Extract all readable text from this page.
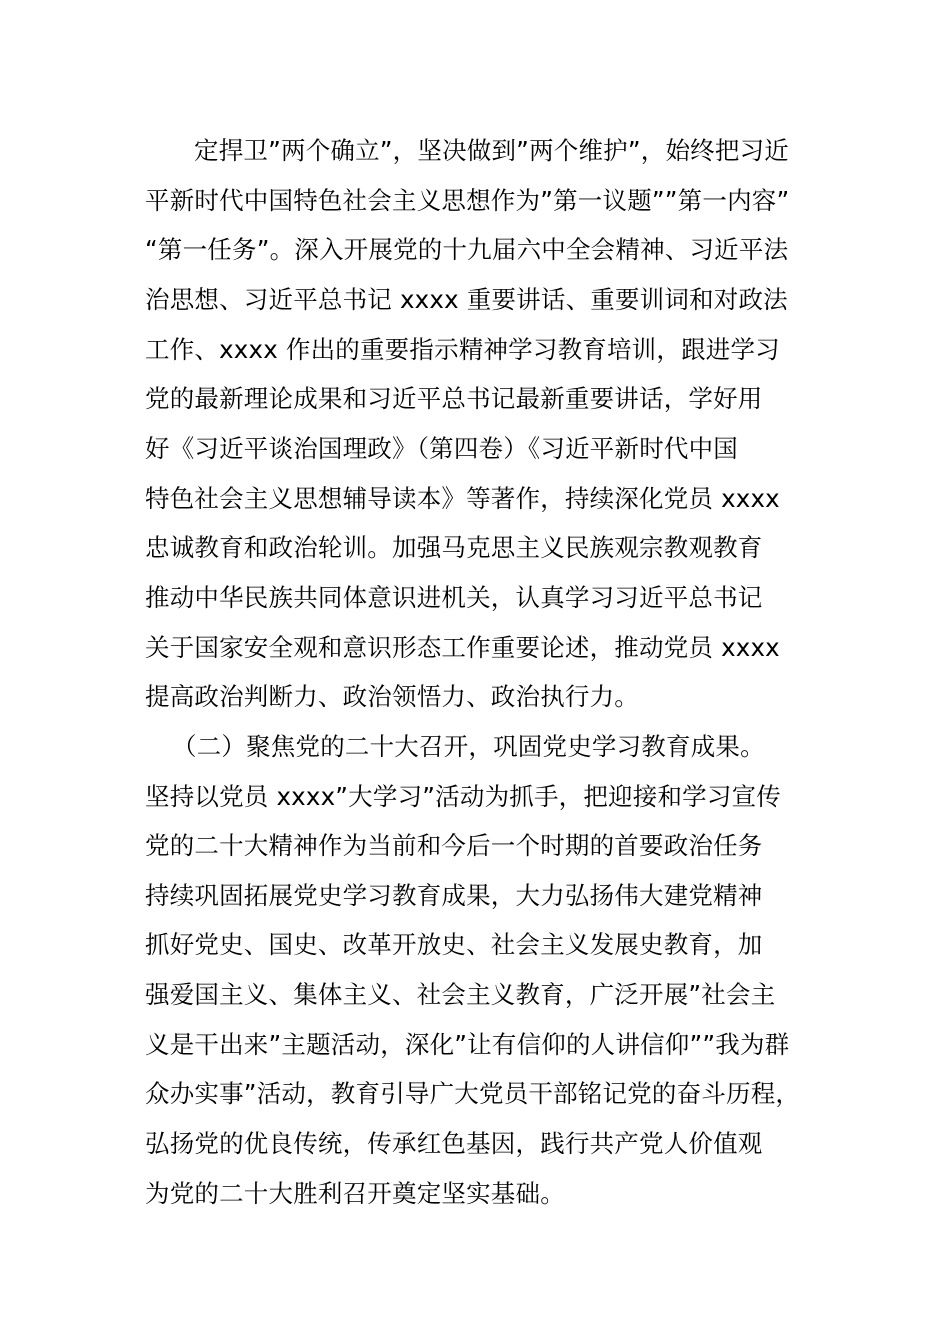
定捍卫”两个确立”，坚决做到”两个维护”，始终把习近
平新时代中国特色社会主义思想作为”第一议题””第一内容”
“第一任务”。深入开展党的十九届六中全会精神、习近平法
治思想、习近平总书记 xxxx 重要讲话、重要训词和对政法
工作、xxxx 作出的重要指示精神学习教育培训，跟进学习
党的最新理论成果和习近平总书记最新重要讲话，学好用
好《习近平谈治国理政》（第四卷）《习近平新时代中国
特色社会主义思想辅导读本》等著作，持续深化党员 xxxx
忠诚教育和政治轮训。加强马克思主义民族观宗教观教育
推动中华民族共同体意识进机关，认真学习习近平总书记
关于国家安全观和意识形态工作重要论述，推动党员 xxxx
提高政治判断力、政治领悟力、政治执行力。
（二）聚焦党的二十大召开，巩固党史学习教育成果。
坚持以党员 xxxx”大学习”活动为抓手，把迎接和学习宣传
党的二十大精神作为当前和今后一个时期的首要政治任务
持续巩固拓展党史学习教育成果，大力弘扬伟大建党精神
抓好党史、国史、改革开放史、社会主义发展史教育，加
强爱国主义、集体主义、社会主义教育，广泛开展”社会主
义是干出来”主题活动，深化”让有信仰的人讲信仰””我为群
众办实事”活动，教育引导广大党员干部铭记党的奋斗历程，
弘扬党的优良传统，传承红色基因，践行共产党人价值观
为党的二十大胜利召开奠定坚实基础。
